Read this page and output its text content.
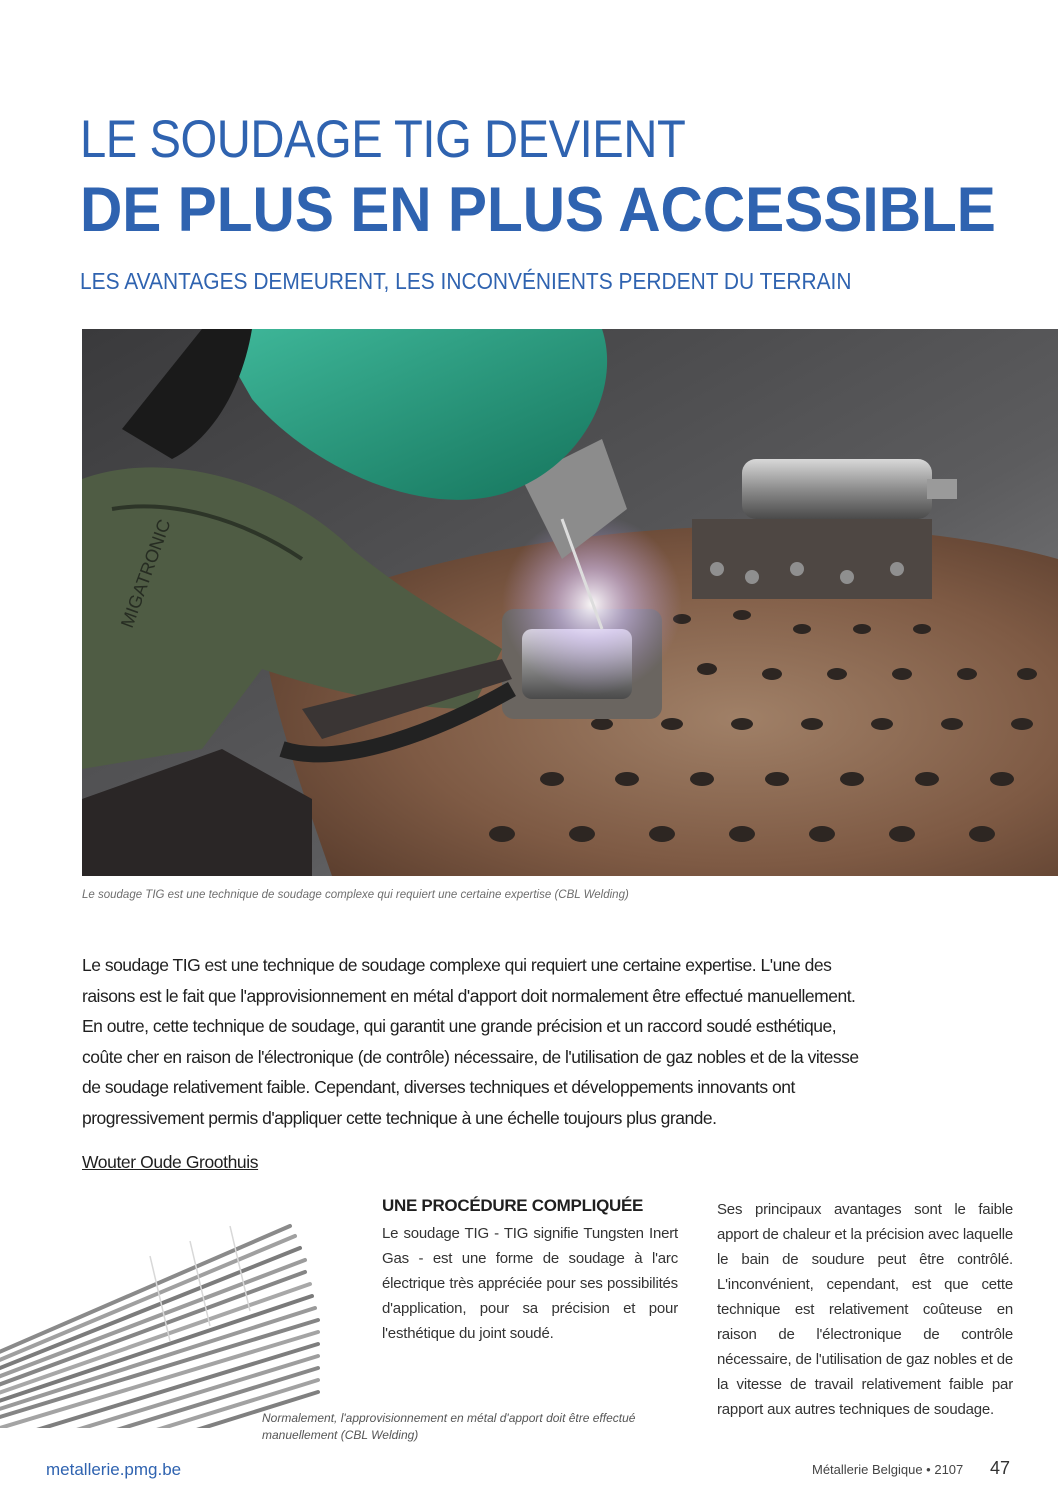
LE SOUDAGE TIG DEVIENT
DE PLUS EN PLUS ACCESSIBLE
LES AVANTAGES DEMEURENT, LES INCONVÉNIENTS PERDENT DU TERRAIN
MIGATRONIC
Le soudage TIG est une technique de soudage complexe qui requiert une certaine expertise (CBL Welding)
Le soudage TIG est une technique de soudage complexe qui requiert une certaine expertise. L'une des raisons est le fait que l'approvisionnement en métal d'apport doit normalement être effectué manuellement. En outre, cette technique de soudage, qui garantit une grande précision et un raccord soudé esthétique, coûte cher en raison de l'électronique (de contrôle) nécessaire, de l'utilisation de gaz nobles et de la vitesse de soudage relativement faible. Cependant, diverses techniques et développements innovants ont progressivement permis d'appliquer cette technique à une échelle toujours plus grande.
Wouter Oude Groothuis
Normalement, l'approvisionnement en métal d'apport doit être effectué manuellement (CBL Welding)
UNE PROCÉDURE COMPLIQUÉE
Le soudage TIG - TIG signifie Tungsten Inert Gas - est une forme de soudage à l'arc électrique très appréciée pour ses possibilités d'application, pour sa précision et pour l'esthétique du joint soudé.
Ses principaux avantages sont le faible apport de chaleur et la précision avec laquelle le bain de soudure peut être contrôlé. L'inconvénient, cependant, est que cette technique est relativement coûteuse en raison de l'électronique de contrôle nécessaire, de l'utilisation de gaz nobles et de la vitesse de travail relativement faible par rapport aux autres techniques de soudage.
metallerie.pmg.be	Métallerie Belgique • 2107 47
